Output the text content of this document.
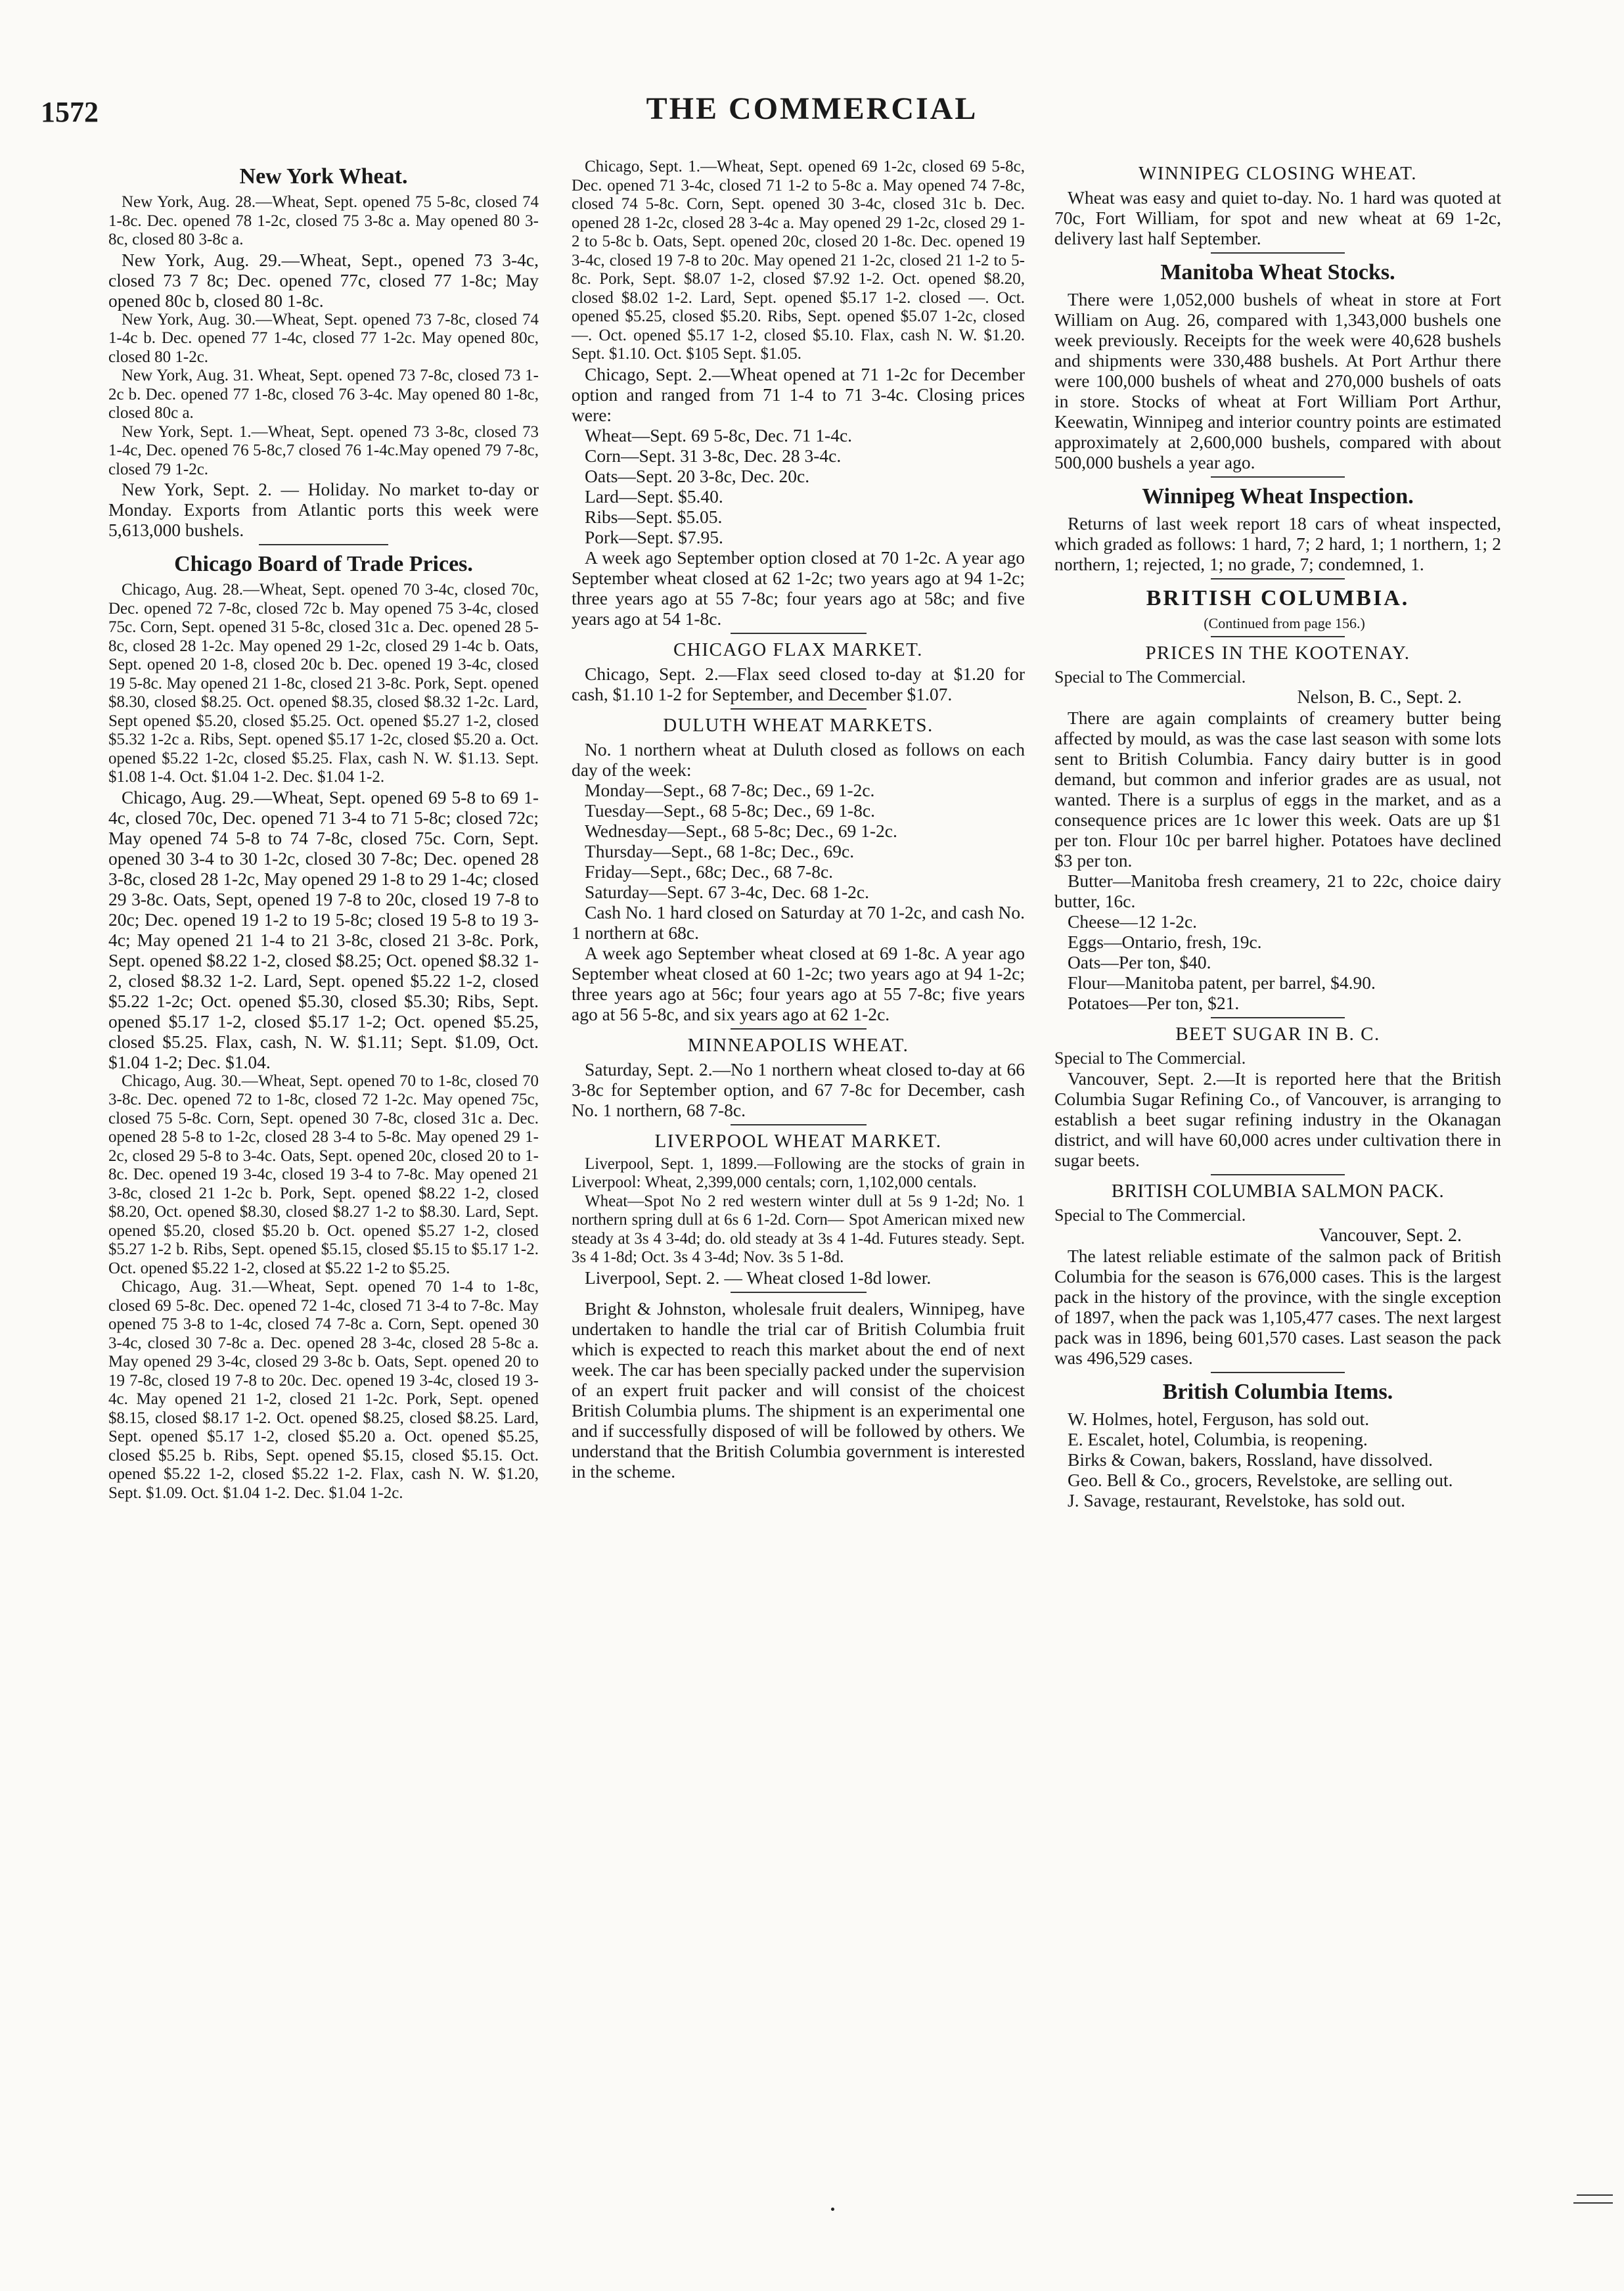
1572	THE COMMERCIAL
New York Wheat.

New York, Aug. 28.—Wheat, Sept. opened 75 5-8c, closed 74 1-8c. Dec. opened 78 1-2c, closed 75 3-8c a. May opened 80 3-8c, closed 80 3-8c a.

New York, Aug. 29.—Wheat, Sept., opened 73 3-4c, closed 73 7 8c; Dec. opened 77c, closed 77 1-8c; May opened 80c b, closed 80 1-8c.

New York, Aug. 30.—Wheat, Sept. opened 73 7-8c, closed 74 1-4c b. Dec. opened 77 1-4c, closed 77 1-2c. May opened 80c, closed 80 1-2c.

New York, Aug. 31. Wheat, Sept. opened 73 7-8c, closed 73 1-2c b. Dec. opened 77 1-8c, closed 76 3-4c. May opened 80 1-8c, closed 80c a.

New York, Sept. 1.—Wheat, Sept. opened 73 3-8c, closed 73 1-4c, Dec. opened 76 5-8c,7 closed 76 1-4c.May opened 79 7-8c, closed 79 1-2c.

New York, Sept. 2. — Holiday. No market to-day or Monday. Exports from Atlantic ports this week were 5,613,000 bushels.

Chicago Board of Trade Prices.

Chicago, Aug. 28.—Wheat, Sept. opened 70 3-4c, closed 70c, Dec. opened 72 7-8c, closed 72c b. May opened 75 3-4c, closed 75c. Corn, Sept. opened 31 5-8c, closed 31c a. Dec. opened 28 5-8c, closed 28 1-2c. May opened 29 1-2c, closed 29 1-4c b. Oats, Sept. opened 20 1-8, closed 20c b. Dec. opened 19 3-4c, closed 19 5-8c. May opened 21 1-8c, closed 21 3-8c. Pork, Sept. opened $8.30, closed $8.25. Oct. opened $8.35, closed $8.32 1-2c. Lard, Sept opened $5.20, closed $5.25. Oct. opened $5.27 1-2, closed $5.32 1-2c a. Ribs, Sept. opened $5.17 1-2c, closed $5.20 a. Oct. opened $5.22 1-2c, closed $5.25. Flax, cash N. W. $1.13. Sept. $1.08 1-4. Oct. $1.04 1-2. Dec. $1.04 1-2.

Chicago, Aug. 29.—Wheat, Sept. opened 69 5-8 to 69 1-4c, closed 70c, Dec. opened 71 3-4 to 71 5-8c; closed 72c; May opened 74 5-8 to 74 7-8c, closed 75c. Corn, Sept. opened 30 3-4 to 30 1-2c, closed 30 7-8c; Dec. opened 28 3-8c, closed 28 1-2c, May opened 29 1-8 to 29 1-4c; closed 29 3-8c. Oats, Sept, opened 19 7-8 to 20c, closed 19 7-8 to 20c; Dec. opened 19 1-2 to 19 5-8c; closed 19 5-8 to 19 3-4c; May opened 21 1-4 to 21 3-8c, closed 21 3-8c. Pork, Sept. opened $8.22 1-2, closed $8.25; Oct. opened $8.32 1-2, closed $8.32 1-2. Lard, Sept. opened $5.22 1-2, closed $5.22 1-2c; Oct. opened $5.30, closed $5.30; Ribs, Sept. opened $5.17 1-2, closed $5.17 1-2; Oct. opened $5.25, closed $5.25. Flax, cash, N. W. $1.11; Sept. $1.09, Oct. $1.04 1-2; Dec. $1.04.

Chicago, Aug. 30.—Wheat, Sept. opened 70 to 1-8c, closed 70 3-8c. Dec. opened 72 to 1-8c, closed 72 1-2c. May opened 75c, closed 75 5-8c. Corn, Sept. opened 30 7-8c, closed 31c a. Dec. opened 28 5-8 to 1-2c, closed 28 3-4 to 5-8c. May opened 29 1-2c, closed 29 5-8 to 3-4c. Oats, Sept. opened 20c, closed 20 to 1-8c. Dec. opened 19 3-4c, closed 19 3-4 to 7-8c. May opened 21 3-8c, closed 21 1-2c b. Pork, Sept. opened $8.22 1-2, closed $8.20, Oct. opened $8.30, closed $8.27 1-2 to $8.30. Lard, Sept. opened $5.20, closed $5.20 b. Oct. opened $5.27 1-2, closed $5.27 1-2 b. Ribs, Sept. opened $5.15, closed $5.15 to $5.17 1-2. Oct. opened $5.22 1-2, closed at $5.22 1-2 to $5.25.

Chicago, Aug. 31.—Wheat, Sept. opened 70 1-4 to 1-8c, closed 69 5-8c. Dec. opened 72 1-4c, closed 71 3-4 to 7-8c. May opened 75 3-8 to 1-4c, closed 74 7-8c a. Corn, Sept. opened 30 3-4c, closed 30 7-8c a. Dec. opened 28 3-4c, closed 28 5-8c a. May opened 29 3-4c, closed 29 3-8c b. Oats, Sept. opened 20 to 19 7-8c, closed 19 7-8 to 20c. Dec. opened 19 3-4c, closed 19 3-4c. May opened 21 1-2, closed 21 1-2c. Pork, Sept. opened $8.15, closed $8.17 1-2. Oct. opened $8.25, closed $8.25. Lard, Sept. opened $5.17 1-2, closed $5.20 a. Oct. opened $5.25, closed $5.25 b. Ribs, Sept. opened $5.15, closed $5.15. Oct. opened $5.22 1-2, closed $5.22 1-2. Flax, cash N. W. $1.20, Sept. $1.09. Oct. $1.04 1-2. Dec. $1.04 1-2c.

Chicago, Sept. 1.—Wheat, Sept. opened 69 1-2c, closed 69 5-8c, Dec. opened 71 3-4c, closed 71 1-2 to 5-8c a. May opened 74 7-8c, closed 74 5-8c. Corn, Sept. opened 30 3-4c, closed 31c b. Dec. opened 28 1-2c, closed 28 3-4c a. May opened 29 1-2c, closed 29 1-2 to 5-8c b. Oats, Sept. opened 20c, closed 20 1-8c. Dec. opened 19 3-4c, closed 19 7-8 to 20c. May opened 21 1-2c, closed 21 1-2 to 5-8c. Pork, Sept. $8.07 1-2, closed $7.92 1-2. Oct. opened $8.20, closed $8.02 1-2. Lard, Sept. opened $5.17 1-2. closed —. Oct. opened $5.25, closed $5.20. Ribs, Sept. opened $5.07 1-2c, closed —. Oct. opened $5.17 1-2, closed $5.10. Flax, cash N. W. $1.20. Sept. $1.10. Oct. $105 Sept. $1.05.

Chicago, Sept. 2.—Wheat opened at 71 1-2c for December option and ranged from 71 1-4 to 71 3-4c. Closing prices were:

Wheat—Sept. 69 5-8c, Dec. 71 1-4c.
Corn—Sept. 31 3-8c, Dec. 28 3-4c.
Oats—Sept. 20 3-8c, Dec. 20c.
Lard—Sept. $5.40.
Ribs—Sept. $5.05.
Pork—Sept. $7.95.

A week ago September option closed at 70 1-2c. A year ago September wheat closed at 62 1-2c; two years ago at 94 1-2c; three years ago at 55 7-8c; four years ago at 58c; and five years ago at 54 1-8c.

CHICAGO FLAX MARKET.

Chicago, Sept. 2.—Flax seed closed to-day at $1.20 for cash, $1.10 1-2 for September, and December $1.07.

DULUTH WHEAT MARKETS.

No. 1 northern wheat at Duluth closed as follows on each day of the week:

Monday—Sept., 68 7-8c; Dec., 69 1-2c.
Tuesday—Sept., 68 5-8c; Dec., 69 1-8c.
Wednesday—Sept., 68 5-8c; Dec., 69 1-2c.
Thursday—Sept., 68 1-8c; Dec., 69c.
Friday—Sept., 68c; Dec., 68 7-8c.
Saturday—Sept. 67 3-4c, Dec. 68 1-2c.

Cash No. 1 hard closed on Saturday at 70 1-2c, and cash No. 1 northern at 68c.

A week ago September wheat closed at 69 1-8c. A year ago September wheat closed at 60 1-2c; two years ago at 94 1-2c; three years ago at 56c; four years ago at 55 7-8c; five years ago at 56 5-8c, and six years ago at 62 1-2c.

MINNEAPOLIS WHEAT.

Saturday, Sept. 2.—No 1 northern wheat closed to-day at 66 3-8c for September option, and 67 7-8c for December, cash No. 1 northern, 68 7-8c.

LIVERPOOL WHEAT MARKET.

Liverpool, Sept. 1, 1899.—Following are the stocks of grain in Liverpool: Wheat, 2,399,000 centals; corn, 1,102,000 centals.

Wheat—Spot No 2 red western winter dull at 5s 9 1-2d; No. 1 northern spring dull at 6s 6 1-2d. Corn— Spot American mixed new steady at 3s 4 3-4d; do. old steady at 3s 4 1-4d. Futures steady. Sept. 3s 4 1-8d; Oct. 3s 4 3-4d; Nov. 3s 5 1-8d.

Liverpool, Sept. 2. — Wheat closed 1-8d lower.

Bright & Johnston, wholesale fruit dealers, Winnipeg, have undertaken to handle the trial car of British Columbia fruit which is expected to reach this market about the end of next week. The car has been specially packed under the supervision of an expert fruit packer and will consist of the choicest British Columbia plums. The shipment is an experimental one and if successfully disposed of will be followed by others. We understand that the British Columbia government is interested in the scheme.

WINNIPEG CLOSING WHEAT.

Wheat was easy and quiet to-day. No. 1 hard was quoted at 70c, Fort William, for spot and new wheat at 69 1-2c, delivery last half September.

Manitoba Wheat Stocks.

There were 1,052,000 bushels of wheat in store at Fort William on Aug. 26, compared with 1,343,000 bushels one week previously. Receipts for the week were 40,628 bushels and shipments were 330,488 bushels. At Port Arthur there were 100,000 bushels of wheat and 270,000 bushels of oats in store. Stocks of wheat at Fort William Port Arthur, Keewatin, Winnipeg and interior country points are estimated approximately at 2,600,000 bushels, compared with about 500,000 bushels a year ago.

Winnipeg Wheat Inspection.

Returns of last week report 18 cars of wheat inspected, which graded as follows: 1 hard, 7; 2 hard, 1; 1 northern, 1; 2 northern, 1; rejected, 1; no grade, 7; condemned, 1.

BRITISH COLUMBIA.

(Continued from page 156.)

PRICES IN THE KOOTENAY.

Special to The Commercial.

Nelson, B. C., Sept. 2.

There are again complaints of creamery butter being affected by mould, as was the case last season with some lots sent to British Columbia. Fancy dairy butter is in good demand, but common and inferior grades are as usual, not wanted. There is a surplus of eggs in the market, and as a consequence prices are 1c lower this week. Oats are up $1 per ton. Flour 10c per barrel higher. Potatoes have declined $3 per ton.

Butter—Manitoba fresh creamery, 21 to 22c, choice dairy butter, 16c.

Cheese—12 1-2c.

Eggs—Ontario, fresh, 19c.

Oats—Per ton, $40.

Flour—Manitoba patent, per barrel, $4.90.

Potatoes—Per ton, $21.

BEET SUGAR IN B. C.

Special to The Commercial.

Vancouver, Sept. 2.—It is reported here that the British Columbia Sugar Refining Co., of Vancouver, is arranging to establish a beet sugar refining industry in the Okanagan district, and will have 60,000 acres under cultivation there in sugar beets.

BRITISH COLUMBIA SALMON PACK.

Special to The Commercial.

Vancouver, Sept. 2.

The latest reliable estimate of the salmon pack of British Columbia for the season is 676,000 cases. This is the largest pack in the history of the province, with the single exception of 1897, when the pack was 1,105,477 cases. The next largest pack was in 1896, being 601,570 cases. Last season the pack was 496,529 cases.

British Columbia Items.

W. Holmes, hotel, Ferguson, has sold out.

E. Escalet, hotel, Columbia, is reopening.

Birks & Cowan, bakers, Rossland, have dissolved.

Geo. Bell & Co., grocers, Revelstoke, are selling out.

J. Savage, restaurant, Revelstoke, has sold out.
